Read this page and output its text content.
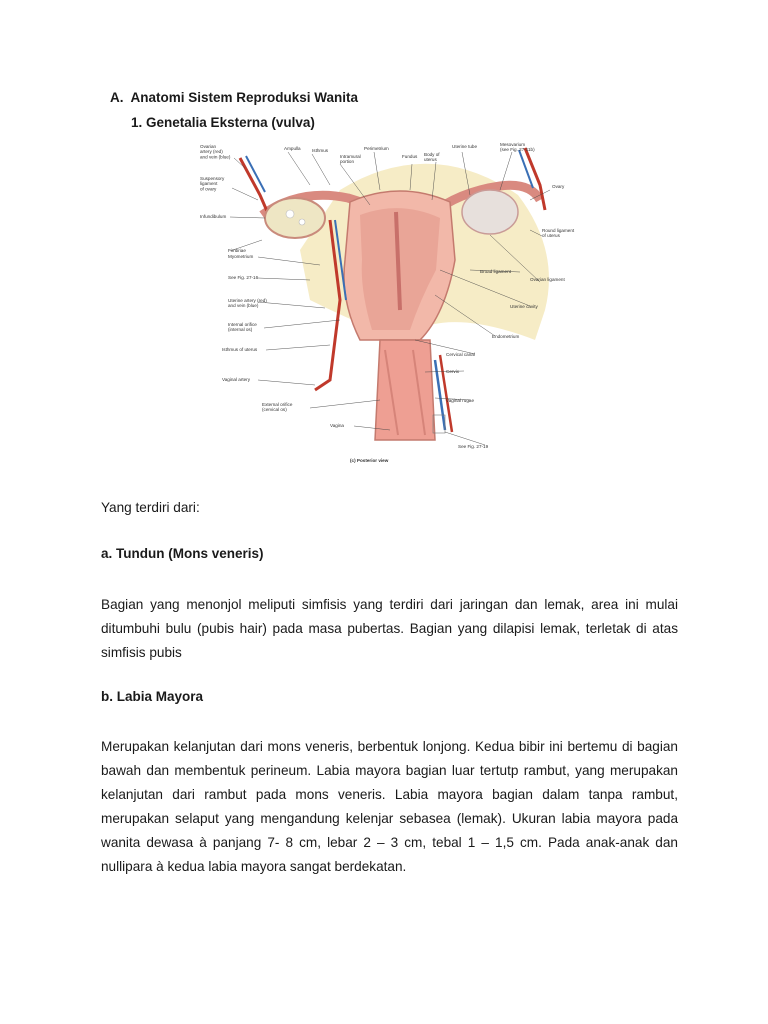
A. Anatomi Sistem Reproduksi Wanita
1. Genetalia Eksterna (vulva)
Ovarian artery (red) and vein (blue)
Suspensory ligament of ovary
Infundibulum
Fimbriae
Myometrium
See Fig. 27-16
Uterine artery (red) and vein (blue)
Internal orifice (internal os)
Isthmus of uterus
Vaginal artery
External orifice (cervical os)
Vagina
Ampulla Isthmus
Intramural portion
Perimetrium
Fundus Body of uterus
Uterine tube	Mesovarium (see Fig. 27-11b)
Ovary
Round ligament of uterus
Broad ligament
Ovarian ligament
Uterine cavity
Endometrium
Cervical canal
Cervix
Vaginal rugae
See Fig. 27-19
(c) Posterior view
Yang terdiri dari:
a. Tundun (Mons veneris)
Bagian yang menonjol meliputi simfisis yang terdiri dari jaringan dan lemak, area ini mulai
ditumbuhi bulu (pubis hair) pada masa pubertas. Bagian yang dilapisi lemak, terletak di atas
simfisis pubis
b. Labia Mayora
Merupakan kelanjutan dari mons veneris, berbentuk lonjong. Kedua bibir ini bertemu di bagian
bawah dan membentuk perineum. Labia mayora bagian luar tertutp rambut, yang merupakan
kelanjutan dari rambut pada mons veneris. Labia mayora bagian dalam tanpa rambut,
merupakan selaput yang mengandung kelenjar sebasea (lemak). Ukuran labia mayora pada
wanita dewasa à panjang 7- 8 cm, lebar 2 – 3 cm, tebal 1 – 1,5 cm. Pada anak-anak dan
nullipara à kedua labia mayora sangat berdekatan.
